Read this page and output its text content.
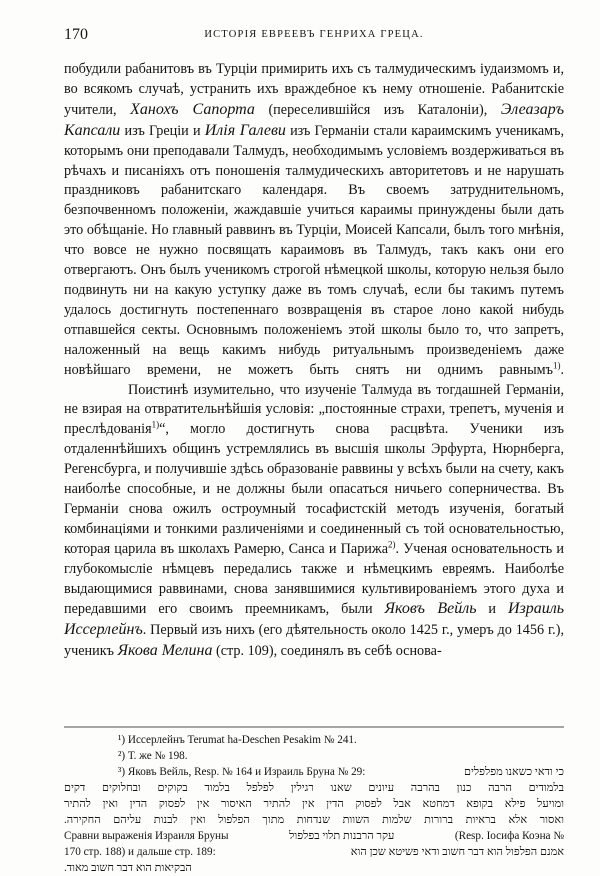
170	ИСТОРІЯ ЕВРЕЕВЪ ГЕНРИХА ГРЕЦА.

побудили рабанитовъ въ Турціи примирить ихъ съ талмудическимъ іудаизмомъ и, во всякомъ случаѣ, устранить ихъ враждебное къ нему отношеніе. Рабанитскіе учители, Ханохъ Сапорта (переселившійся изъ Каталоніи), Элеазаръ Капсали изъ Греціи и Илія Галеви изъ Германіи стали караимскимъ ученикамъ, которымъ они преподавали Талмудъ, необходимымъ условіемъ воздерживаться въ рѣчахъ и писаніяхъ отъ поношенія талмудическихъ авторитетовъ и не нарушать праздниковъ рабанитскаго календаря. Въ своемъ затруднительномъ, безпочвенномъ положеніи, жаждавшіе учиться караимы принуждены были дать это обѣщаніе. Но главный раввинъ въ Турціи, Моисей Капсали, былъ того мнѣнія, что вовсе не нужно посвящать караимовъ въ Талмудъ, такъ какъ они его отвергаютъ. Онъ былъ ученикомъ строгой нѣмецкой школы, которую нельзя было подвинуть ни на какую уступку даже въ томъ случаѣ, если бы такимъ путемъ удалось достигнуть постепеннаго возвращенія въ старое лоно какой нибудь отпавшейся секты. Основнымъ положеніемъ этой школы было то, что запретъ, наложенный на вещь какимъ нибудь ритуальнымъ произведеніемъ даже новѣйшаго времени, не можетъ быть снятъ ни однимъ равнымъ$^{1)}$.

Поистинѣ изумительно, что изученіе Талмуда въ тогдашней Германіи, не взирая на отвратительнѣйшія условія: „постоянные страхи, трепетъ, мученія и преслѣдованія$^{1)}$“, могло достигнуть снова расцвѣта. Ученики изъ отдаленнѣйшихъ общинъ устремлялись въ высшія школы Эрфурта, Нюрнберга, Регенсбурга, и получившіе здѣсь образованіе раввины у всѣхъ были на счету, какъ наиболѣе способные, и не должны были опасаться ничьего соперничества. Въ Германіи снова ожилъ остроумный тосафистскій методъ изученія, богатый комбинаціями и тонкими различеніями и соединенный съ той основательностью, которая царила въ школахъ Рамерю, Санса и Парижа$^{2)}$. Ученая основательность и глубокомысліе нѣмцевъ передались также и нѣмецкимъ евреямъ. Наиболѣе выдающимися раввинами, снова занявшимися культивированіемъ этого духа и передавшими его своимъ преемникамъ, были Яковъ Вейль и Израиль Иссерлейнъ. Первый изъ нихъ (его дѣятельность около 1425 г., умеръ до 1456 г.), ученикъ Якова Мелина (стр. 109), соединялъ въ себѣ основа-

¹) Иссерлейнъ Terumat ha-Deschen Pesakim № 241.
²) Т. же № 198.
³) Яковъ Вейль, Resp. № 164 и Израиль Бруна № 29:	כי ודאי כשאנו מפלפלים
בלמודים הרבה כנון בהרבה עיונים שאנו רגילין לפלפל בלמוד בקוקים ובחלוקים דקים
ומויעל פילא בקופא דמחטא אבל לפסוק הדין אין להתיר האיסור אין לפסוק הדין ואין להתיר
ואסור אלא בראיות ברורות שלמות השוות שנדחות מתוך הפלפול ואין לבנות עליהם החקירה.
Сравни выраженія Израиля Бруны	עקר הרבנות תלוי בפלפול	(Resp. Іосифа Коэна №
170 стр. 188) и дальше стр. 189:	אמנם הפלפול הוא דבר חשוב ודאי פשיטא שכן הוא
הבקיאות הוא דבר חשוב מאוד.
